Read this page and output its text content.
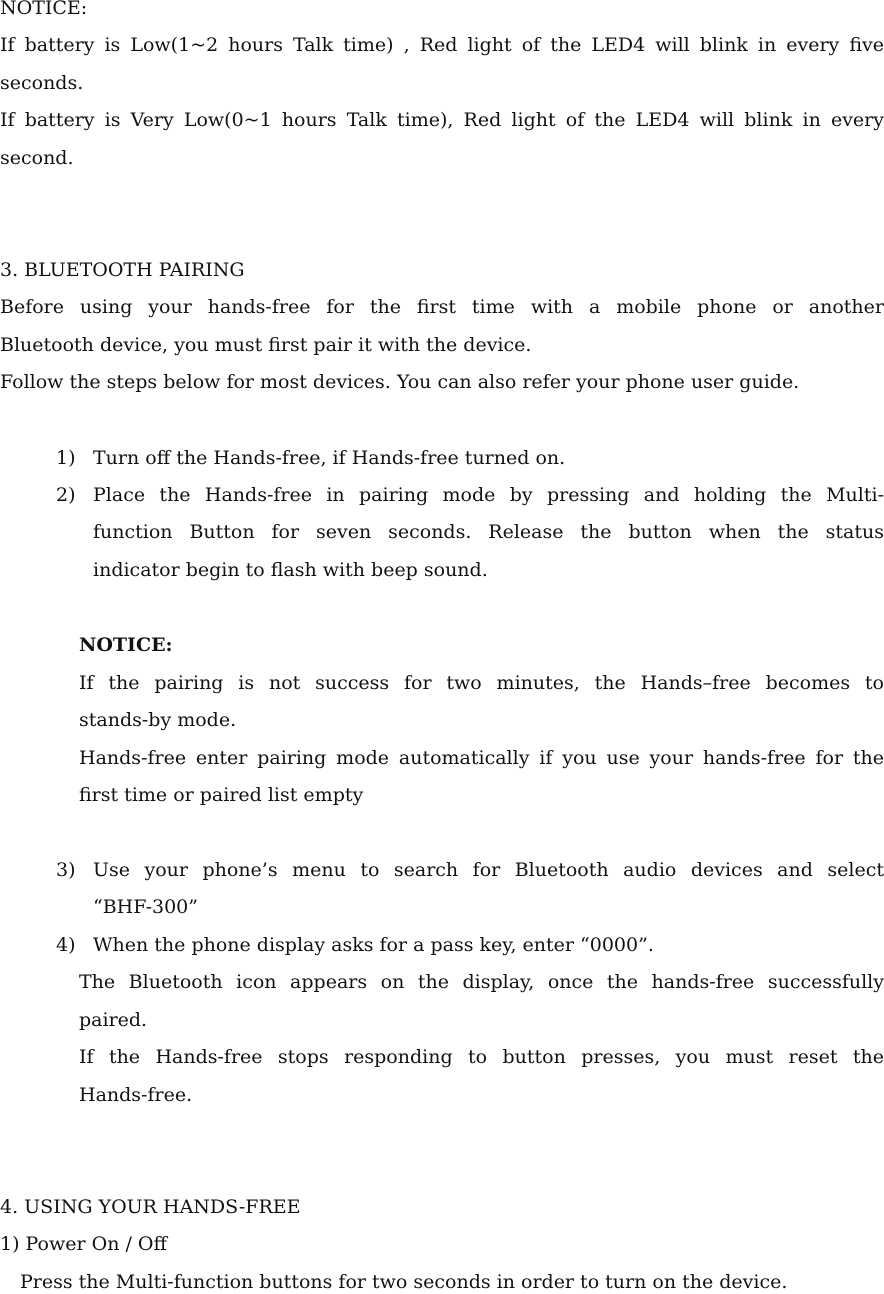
NOTICE:
If battery is Low(1~2 hours Talk time) , Red light of the LED4 will blink in every five
seconds.
If battery is Very Low(0~1 hours Talk time), Red light of the LED4 will blink in every
second.
3. BLUETOOTH PAIRING
Before using your hands-free for the first time with a mobile phone or another
Bluetooth device, you must first pair it with the device.
Follow the steps below for most devices. You can also refer your phone user guide.
1) Turn off the Hands-free, if Hands-free turned on.
2) Place the Hands-free in pairing mode by pressing and holding the Multi-
function Button for seven seconds. Release the button when the status
indicator begin to flash with beep sound.
NOTICE:
If the pairing is not success for two minutes, the Hands–free becomes to
stands-by mode.
Hands-free enter pairing mode automatically if you use your hands-free for the
first time or paired list empty
3) Use your phone’s menu to search for Bluetooth audio devices and select
“BHF-300”
4) When the phone display asks for a pass key, enter “0000”.
The Bluetooth icon appears on the display, once the hands-free successfully
paired.
If the Hands-free stops responding to button presses, you must reset the
Hands-free.
4. USING YOUR HANDS-FREE
1) Power On / Off
Press the Multi-function buttons for two seconds in order to turn on the device.
